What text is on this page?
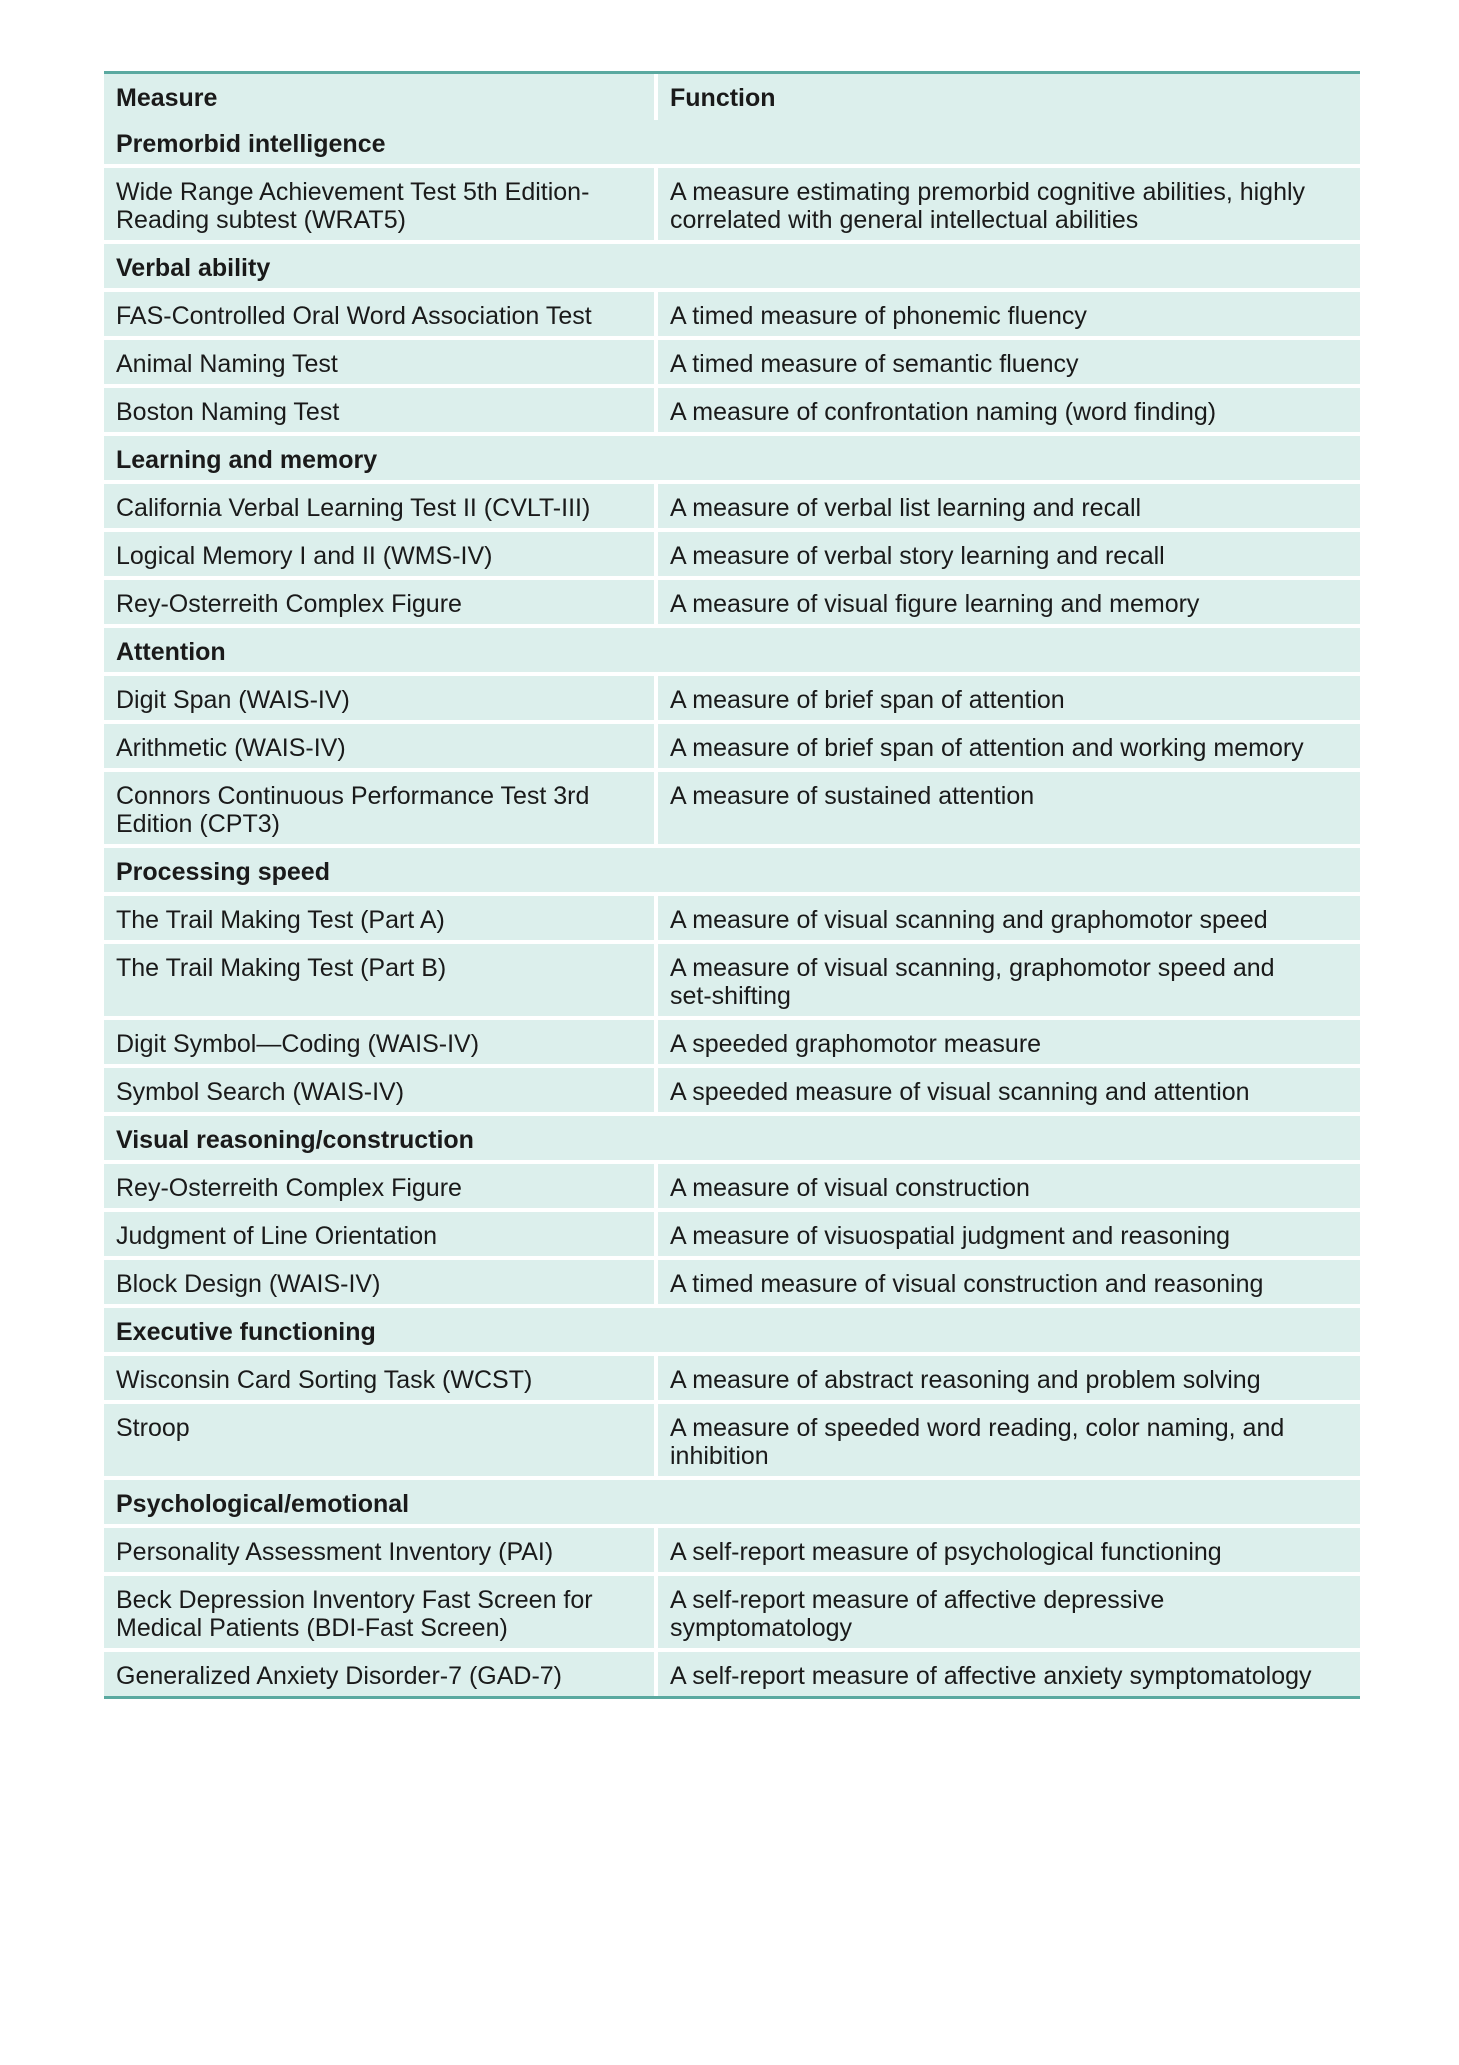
Measure	Function
Premorbid intelligence	
Wide Range Achievement Test 5th Edition-
Reading subtest (WRAT5)	A measure estimating premorbid cognitive abilities, highly
correlated with general intellectual abilities
Verbal ability	
FAS-Controlled Oral Word Association Test	A timed measure of phonemic fluency
Animal Naming Test	A timed measure of semantic fluency
Boston Naming Test	A measure of confrontation naming (word finding)
Learning and memory	
California Verbal Learning Test II (CVLT-III)	A measure of verbal list learning and recall
Logical Memory I and II (WMS-IV)	A measure of verbal story learning and recall
Rey-Osterreith Complex Figure	A measure of visual figure learning and memory
Attention	
Digit Span (WAIS-IV)	A measure of brief span of attention
Arithmetic (WAIS-IV)	A measure of brief span of attention and working memory
Connors Continuous Performance Test 3rd
Edition (CPT3)	A measure of sustained attention
Processing speed	
The Trail Making Test (Part A)	A measure of visual scanning and graphomotor speed
The Trail Making Test (Part B)	A measure of visual scanning, graphomotor speed and
set-shifting
Digit Symbol—Coding (WAIS-IV)	A speeded graphomotor measure
Symbol Search (WAIS-IV)	A speeded measure of visual scanning and attention
Visual reasoning/construction	
Rey-Osterreith Complex Figure	A measure of visual construction
Judgment of Line Orientation	A measure of visuospatial judgment and reasoning
Block Design (WAIS-IV)	A timed measure of visual construction and reasoning
Executive functioning	
Wisconsin Card Sorting Task (WCST)	A measure of abstract reasoning and problem solving
Stroop	A measure of speeded word reading, color naming, and
inhibition
Psychological/emotional	
Personality Assessment Inventory (PAI)	A self-report measure of psychological functioning
Beck Depression Inventory Fast Screen for
Medical Patients (BDI-Fast Screen)	A self-report measure of affective depressive
symptomatology
Generalized Anxiety Disorder-7 (GAD-7)	A self-report measure of affective anxiety symptomatology
